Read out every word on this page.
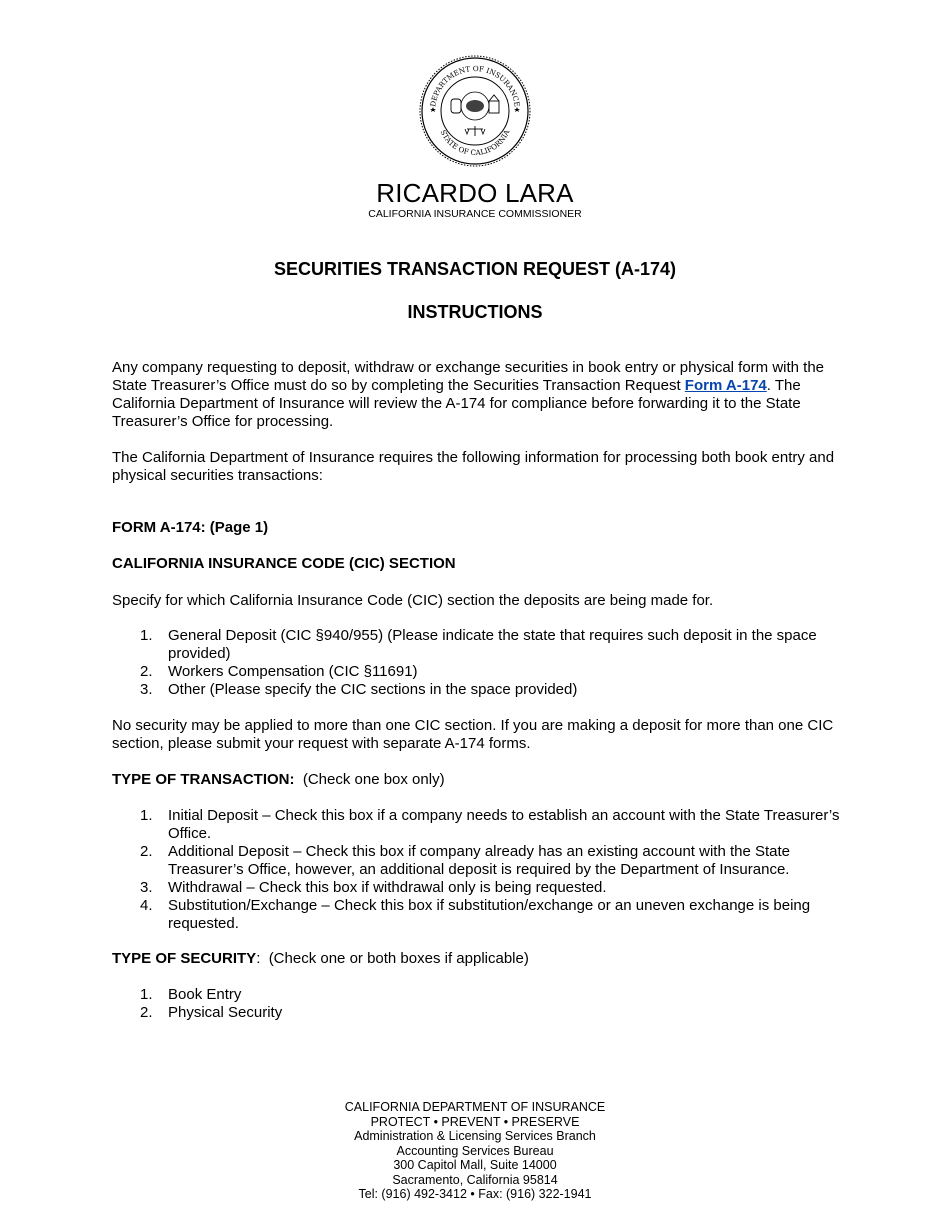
DEPARTMENT OF INSURANCE
STATE OF CALIFORNIA
RICARDO LARA
CALIFORNIA INSURANCE COMMISSIONER
SECURITIES TRANSACTION REQUEST (A-174)
INSTRUCTIONS

Any company requesting to deposit, withdraw or exchange securities in book entry or physical form with the State Treasurer’s Office must do so by completing the Securities Transaction Request Form A-174. The California Department of Insurance will review the A-174 for compliance before forwarding it to the State Treasurer’s Office for processing.

The California Department of Insurance requires the following information for processing both book entry and physical securities transactions:

FORM A-174: (Page 1)

CALIFORNIA INSURANCE CODE (CIC) SECTION

Specify for which California Insurance Code (CIC) section the deposits are being made for.

1. General Deposit (CIC §940/955) (Please indicate the state that requires such deposit in the space provided)
2. Workers Compensation (CIC §11691)
3. Other (Please specify the CIC sections in the space provided)

No security may be applied to more than one CIC section. If you are making a deposit for more than one CIC section, please submit your request with separate A-174 forms.

TYPE OF TRANSACTION:  (Check one box only)

1. Initial Deposit – Check this box if a company needs to establish an account with the State Treasurer’s Office.
2. Additional Deposit – Check this box if company already has an existing account with the State Treasurer’s Office, however, an additional deposit is required by the Department of Insurance.
3. Withdrawal – Check this box if withdrawal only is being requested.
4. Substitution/Exchange – Check this box if substitution/exchange or an uneven exchange is being requested.

TYPE OF SECURITY:  (Check one or both boxes if applicable)

1. Book Entry
2. Physical Security
CALIFORNIA DEPARTMENT OF INSURANCE
PROTECT • PREVENT • PRESERVE
Administration & Licensing Services Branch
Accounting Services Bureau
300 Capitol Mall, Suite 14000
Sacramento, California 95814
Tel: (916) 492-3412 • Fax: (916) 322-1941
